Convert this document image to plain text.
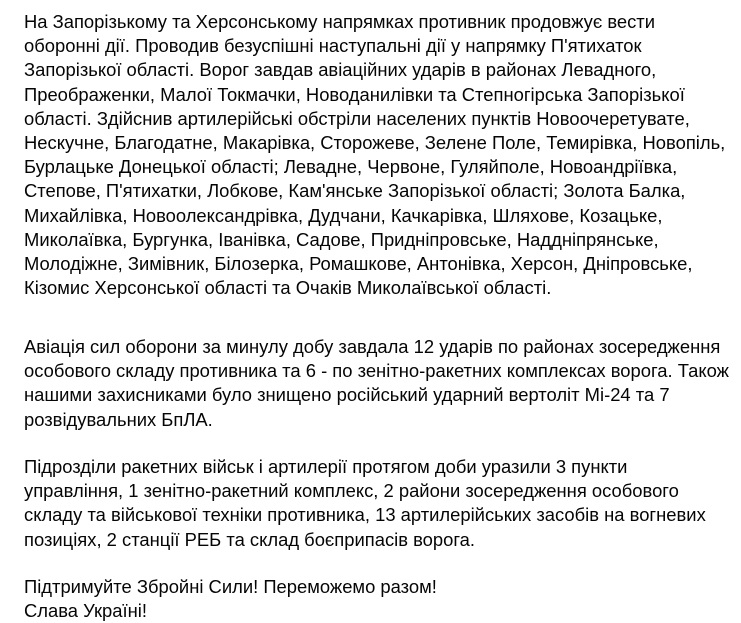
На Запорізькому та Херсонському напрямках противник продовжує вести оборонні дії. Проводив безуспішні наступальні дії у напрямку П'ятихаток Запорізької області. Ворог завдав авіаційних ударів в районах Левадного, Преображенки, Малої Токмачки, Новоданилівки та Степногірська Запорізької області. Здійснив артилерійські обстріли населених пунктів Новоочеретувате, Нескучне, Благодатне, Макарівка, Сторожеве, Зелене Поле, Темирівка, Новопіль, Бурлацьке Донецької області; Левадне, Червоне, Гуляйполе, Новоандріївка, Степове, П'ятихатки, Лобкове, Кам'янське Запорізької області; Золота Балка, Михайлівка, Новоолександрівка, Дудчани, Качкарівка, Шляхове, Козацьке, Миколаївка, Бургунка, Іванівка, Садове, Придніпровське, Наддніпрянське, Молодіжне, Зимівник, Білозерка, Ромашкове, Антонівка, Херсон, Дніпровське, Кізомис Херсонської області та Очаків Миколаївської області.

Авіація сил оборони за минулу добу завдала 12 ударів по районах зосередження особового складу противника та 6 - по зенітно-ракетних комплексах ворога. Також нашими захисниками було знищено російський ударний вертоліт Мі-24 та 7 розвідувальних БпЛА.

Підрозділи ракетних військ і артилерії протягом доби уразили 3 пункти управління, 1 зенітно-ракетний комплекс, 2 райони зосередження особового складу та військової техніки противника, 13 артилерійських засобів на вогневих позиціях, 2 станції РЕБ та склад боєприпасів ворога.

Підтримуйте Збройні Сили! Переможемо разом!

Слава Україні!
